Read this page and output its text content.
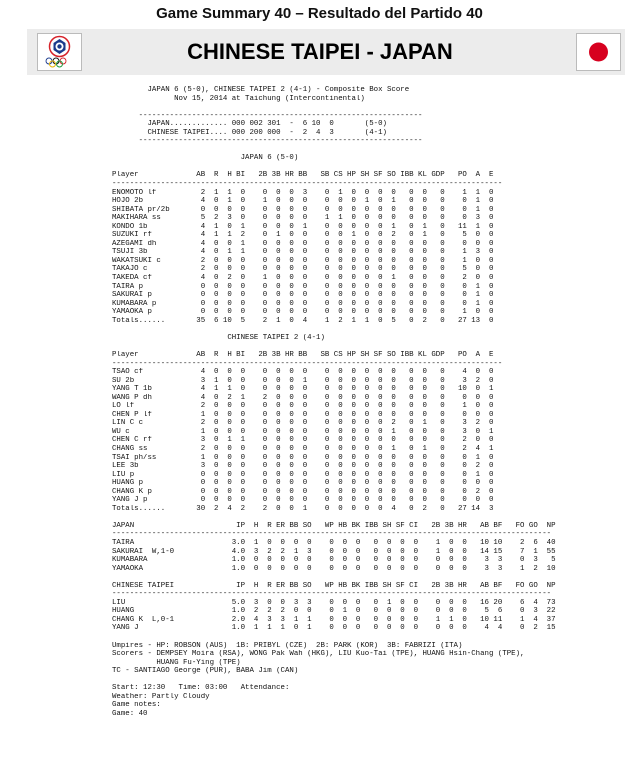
Game Summary 40 – Resultado del Partido 40
CHINESE TAIPEI - JAPAN
JAPAN 6 (5-0), CHINESE TAIPEI 2 (4-1) - Composite Box Score
Nov 15, 2014 at Taichung (Intercontinental)
----------------------------------------------------------------
JAPAN............. 000 002 301  -  6 10  0       (5-0)
CHINESE TAIPEI.... 000 200 000  -  2  4  3       (4-1)
----------------------------------------------------------------
JAPAN 6 (5-0)
Player             AB  R  H BI   2B 3B HR BB   SB CS HP SH SF SO IBB KL GDP   PO  A  E
----------------------------------------------------------------------------------------
ENOMOTO lf          2  1  1  0    0  0  0  3    0  1  0  0  0  0   0  0   0    1  1  0
HOJO 2b             4  0  1  0    1  0  0  0    0  0  0  1  0  1   0  0   0    0  1  0
SHIBATA pr/2b       0  0  0  0    0  0  0  0    0  0  0  0  0  0   0  0   0    0  1  0
MAKIHARA ss         5  2  3  0    0  0  0  0    1  1  0  0  0  0   0  0   0    0  3  0
KONDO 1b            4  1  0  1    0  0  0  1    0  0  0  0  0  1   0  1   0   11  1  0
SUZUKI rf           4  1  1  2    0  1  0  0    0  0  1  0  0  2   0  1   0    5  0  0
AZEGAMI dh          4  0  0  1    0  0  0  0    0  0  0  0  0  0   0  0   0    0  0  0
TSUJI 3b            4  0  1  1    0  0  0  0    0  0  0  0  0  0   0  0   0    1  3  0
WAKATSUKI c         2  0  0  0    0  0  0  0    0  0  0  0  0  0   0  0   0    1  0  0
TAKAJO c            2  0  0  0    0  0  0  0    0  0  0  0  0  0   0  0   0    5  0  0
TAKEDA cf           4  0  2  0    1  0  0  0    0  0  0  0  0  1   0  0   0    2  0  0
TAIRA p             0  0  0  0    0  0  0  0    0  0  0  0  0  0   0  0   0    0  1  0
SAKURAI p           0  0  0  0    0  0  0  0    0  0  0  0  0  0   0  0   0    0  1  0
KUMABARA p          0  0  0  0    0  0  0  0    0  0  0  0  0  0   0  0   0    0  1  0
YAMAOKA p           0  0  0  0    0  0  0  0    0  0  0  0  0  0   0  0   0    1  0  0
Totals......       35  6 10  5    2  1  0  4    1  2  1  1  0  5   0  2   0   27 13  0
CHINESE TAIPEI 2 (4-1)
Player             AB  R  H BI   2B 3B HR BB   SB CS HP SH SF SO IBB KL GDP   PO  A  E
----------------------------------------------------------------------------------------
TSAO cf             4  0  0  0    0  0  0  0    0  0  0  0  0  0   0  0   0    4  0  0
SU 2b               3  1  0  0    0  0  0  1    0  0  0  0  0  0   0  0   0    3  2  0
YANG T 1b           4  1  1  0    0  0  0  0    0  0  0  0  0  0   0  0   0   10  0  1
WANG P dh           4  0  2  1    2  0  0  0    0  0  0  0  0  0   0  0   0    0  0  0
LO lf               2  0  0  0    0  0  0  0    0  0  0  0  0  0   0  0   0    1  0  0
CHEN P lf           1  0  0  0    0  0  0  0    0  0  0  0  0  0   0  0   0    0  0  0
LIN C c             2  0  0  0    0  0  0  0    0  0  0  0  0  2   0  1   0    3  2  0
WU c                1  0  0  0    0  0  0  0    0  0  0  0  0  1   0  0   0    3  0  1
CHEN C rf           3  0  1  1    0  0  0  0    0  0  0  0  0  0   0  0   0    2  0  0
CHANG ss            2  0  0  0    0  0  0  0    0  0  0  0  0  1   0  1   0    2  4  1
TSAI ph/ss          1  0  0  0    0  0  0  0    0  0  0  0  0  0   0  0   0    0  1  0
LEE 3b              3  0  0  0    0  0  0  0    0  0  0  0  0  0   0  0   0    0  2  0
LIU p               0  0  0  0    0  0  0  0    0  0  0  0  0  0   0  0   0    0  1  0
HUANG p             0  0  0  0    0  0  0  0    0  0  0  0  0  0   0  0   0    0  0  0
CHANG K p           0  0  0  0    0  0  0  0    0  0  0  0  0  0   0  0   0    0  2  0
YANG J p            0  0  0  0    0  0  0  0    0  0  0  0  0  0   0  0   0    0  0  0
Totals......       30  2  4  2    2  0  0  1    0  0  0  0  0  4   0  2   0   27 14  3
JAPAN                       IP  H  R ER BB SO   WP HB BK IBB SH SF CI   2B 3B HR   AB BF   FO GO  NP
---------------------------------------------------------------------------------------------------
TAIRA                      3.0  1  0  0  0  0    0  0  0   0  0  0  0    1  0  0   10 10    2  6  40
SAKURAI  W,1-0             4.0  3  2  2  1  3    0  0  0   0  0  0  0    1  0  0   14 15    7  1  55
KUMABARA                   1.0  0  0  0  0  0    0  0  0   0  0  0  0    0  0  0    3  3    0  3   5
YAMAOKA                    1.0  0  0  0  0  0    0  0  0   0  0  0  0    0  0  0    3  3    1  2  10
CHINESE TAIPEI              IP  H  R ER BB SO   WP HB BK IBB SH SF CI   2B 3B HR   AB BF   FO GO  NP
---------------------------------------------------------------------------------------------------
LIU                        5.0  3  0  0  3  3    0  0  0   0  1  0  0    0  0  0   16 20    6  4  73
HUANG                      1.0  2  2  2  0  0    0  1  0   0  0  0  0    0  0  0    5  6    0  3  22
CHANG K  L,0-1             2.0  4  3  3  1  1    0  0  0   0  0  0  0    1  1  0   10 11    1  4  37
YANG J                     1.0  1  1  1  0  1    0  0  0   0  0  0  0    0  0  0    4  4    0  2  15
Umpires - HP: ROBSON (AUS)  1B: PRIBYL (CZE)  2B: PARK (KOR)  3B: FABRIZI (ITA)
Scorers - DEMPSEY Moira (RSA), WONG Pak Wah (HKG), LIU Kuo-Tai (TPE), HUANG Hsin-Chang (TPE),
HUANG Fu-Ying (TPE)
TC - SANTIAGO George (PUR), BABA Jim (CAN)
Start: 12:30   Time: 03:00   Attendance:
Weather: Partly Cloudy
Game notes:
Game: 40
